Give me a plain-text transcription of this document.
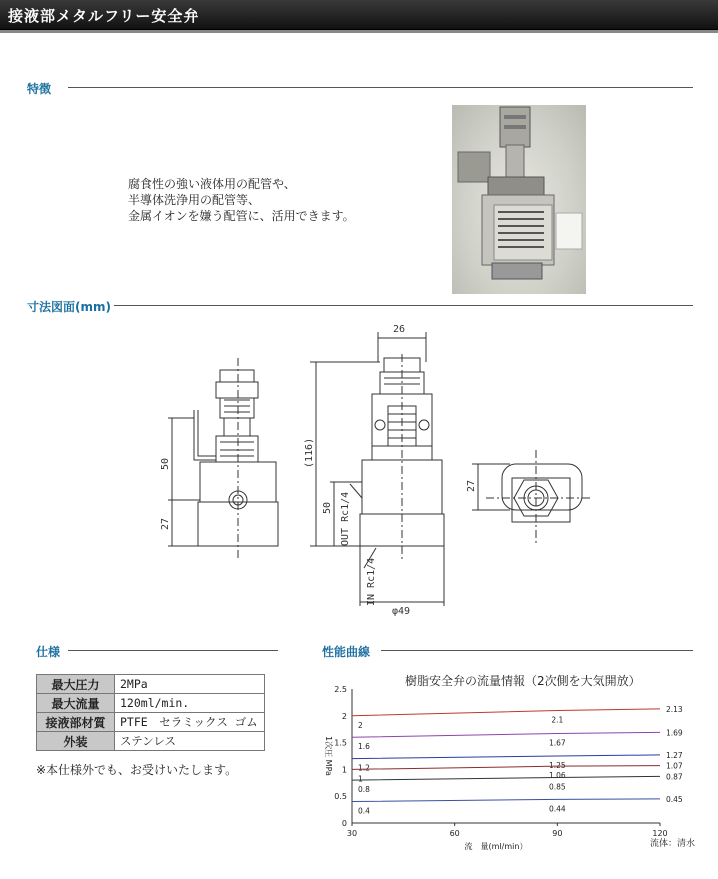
接液部メタルフリー安全弁
特徴
腐食性の強い液体用の配管や、
半導体洗浄用の配管等、
金属イオンを嫌う配管に、活用できます。
寸法図面(mm)
26
(116)
50
27
50 OUT Rc1/4
IN Rc1/4
φ49
27
仕様
最大圧力	2MPa
最大流量	120ml/min.
接液部材質	PTFE　セラミックス ゴム
外装	ステンレス
※本仕様外でも、お受けいたします。
性能曲線
樹脂安全弁の流量情報（2次側を大気開放）
0
0.5
1
1.5
2
2.5
30	60	90	120
1次圧 MPa
流　量(ml/min）
2
2.1
2.13
1.6	1.67
1.69
1.2	1.25
1.27
1	1.06
1.07
0.8	0.85
0.87
0.4	0.44
0.45
流体：清水
